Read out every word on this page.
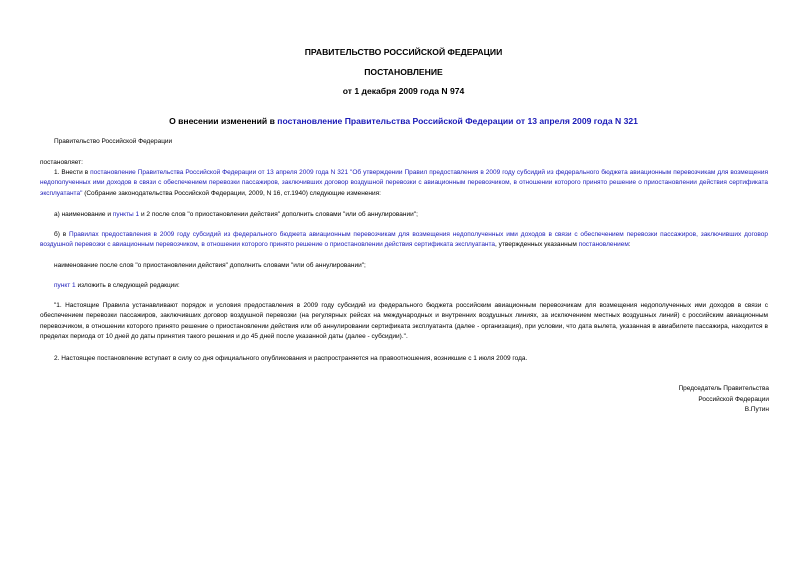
ПРАВИТЕЛЬСТВО РОССИЙСКОЙ ФЕДЕРАЦИИ
ПОСТАНОВЛЕНИЕ
от 1 декабря 2009 года N 974
О внесении изменений в постановление Правительства Российской Федерации от 13 апреля 2009 года N 321
Правительство Российской Федерации
постановляет:
1. Внести в постановление Правительства Российской Федерации от 13 апреля 2009 года N 321 "Об утверждении Правил предоставления в 2009 году субсидий из федерального бюджета авиационным перевозчикам для возмещения недополученных ими доходов в связи с обеспечением перевозки пассажиров, заключивших договор воздушной перевозки с авиационным перевозчиком, в отношении которого принято решение о приостановлении действия сертификата эксплуатанта" (Собрание законодательства Российской Федерации, 2009, N 16, ст.1940) следующие изменения:
а) наименование и пункты 1 и 2 после слов "о приостановлении действия" дополнить словами "или об аннулировании";
б) в Правилах предоставления в 2009 году субсидий из федерального бюджета авиационным перевозчикам для возмещения недополученных ими доходов в связи с обеспечением перевозки пассажиров, заключивших договор воздушной перевозки с авиационным перевозчиком, в отношении которого принято решение о приостановлении действия сертификата эксплуатанта, утвержденных указанным постановлением:
наименование после слов "о приостановлении действия" дополнить словами "или об аннулировании";
пункт 1 изложить в следующей редакции:
"1. Настоящие Правила устанавливают порядок и условия предоставления в 2009 году субсидий из федерального бюджета российским авиационным перевозчикам для возмещения недополученных ими доходов в связи с обеспечением перевозки пассажиров, заключивших договор воздушной перевозки (на регулярных рейсах на международных и внутренних воздушных линиях, за исключением местных воздушных линий) с российским авиационным перевозчиком, в отношении которого принято решение о приостановлении действия или об аннулировании сертификата эксплуатанта (далее - организация), при условии, что дата вылета, указанная в авиабилете пассажира, находится в пределах периода от 10 дней до даты принятия такого решения и до 45 дней после указанной даты (далее - субсидии).".
2. Настоящее постановление вступает в силу со дня официального опубликования и распространяется на правоотношения, возникшие с 1 июля 2009 года.
Председатель Правительства
Российской Федерации
В.Путин
